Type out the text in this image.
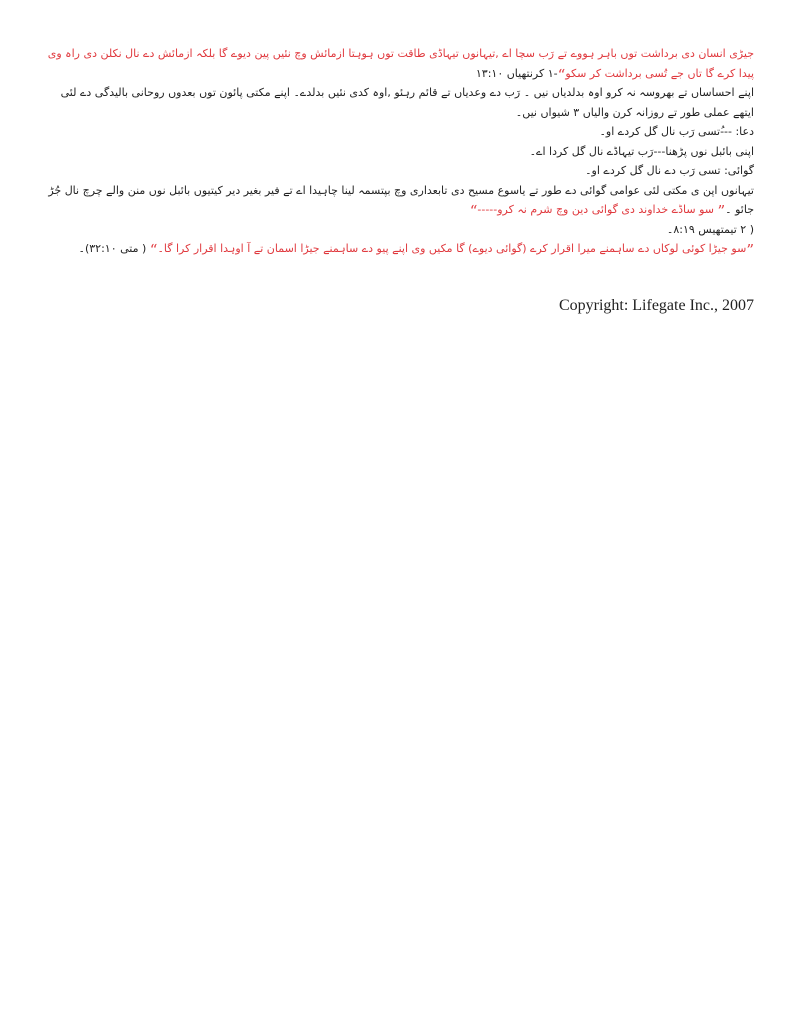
جیڑی انسان دی برداشت توں باہر ہووے تے رَب سچا اے ,تیہانوں تیہاڈی طاقت توں ہوہتا ازمائش وچ نئیں پین دیوے گا بلکہ ازمائش دے نال نکلن دی راہ وی پیدا کرے گا تاں جے تُسی برداشت کر سکو“-۱ کرنتھیاں ۱۳:۱۰

اپنے احساساں تے بھروسہ نہ کرو اوہ بدلدیاں نیں ۔ رَب دے وعدیاں تے قائم رہئو ,اوہ کدی نئیں بدلدے۔ اپنے مکتی پائون توں بعدوں روحانی بالیدگی دے لئی ایتھے عملی طور تے روزانہ کرن والیاں ۳ شیواں نیں۔

دعا: ---ُتسی رَب نال گل کردے او۔

اپنی بائبل نوں پڑھنا---رَب تیہاڈے نال گل کردا اے۔

گوائی: تسی رَب دے نال گل کردے او۔

تیہانوں اپن ی مکتی لئی عوامی گوائی دے طور تے یاسوع مسیح دی تابعداری وچ بپتسمہ لینا چاہیدا اے تے فیر بغیر دیر کیتیوں بائبل نوں منن والے چرچ نال جُڑ جائو ۔” سو ساڈے خداوند دی گوائی دین وچ شرم نہ کرو-----“

( ۲ تیمتھیس ۸:۱۹۔

”سو جیڑا کوئی لوکاں دے ساہمنے میرا اقرار کرے (گوائی دیوے) گا مکیں وی اپنے پیو دے ساہمنے جیڑا اسمان تے آ اوہدا اقرار کرا گا۔“ ( متی ۳۲:۱۰)۔

Copyright: Lifegate Inc., 2007
